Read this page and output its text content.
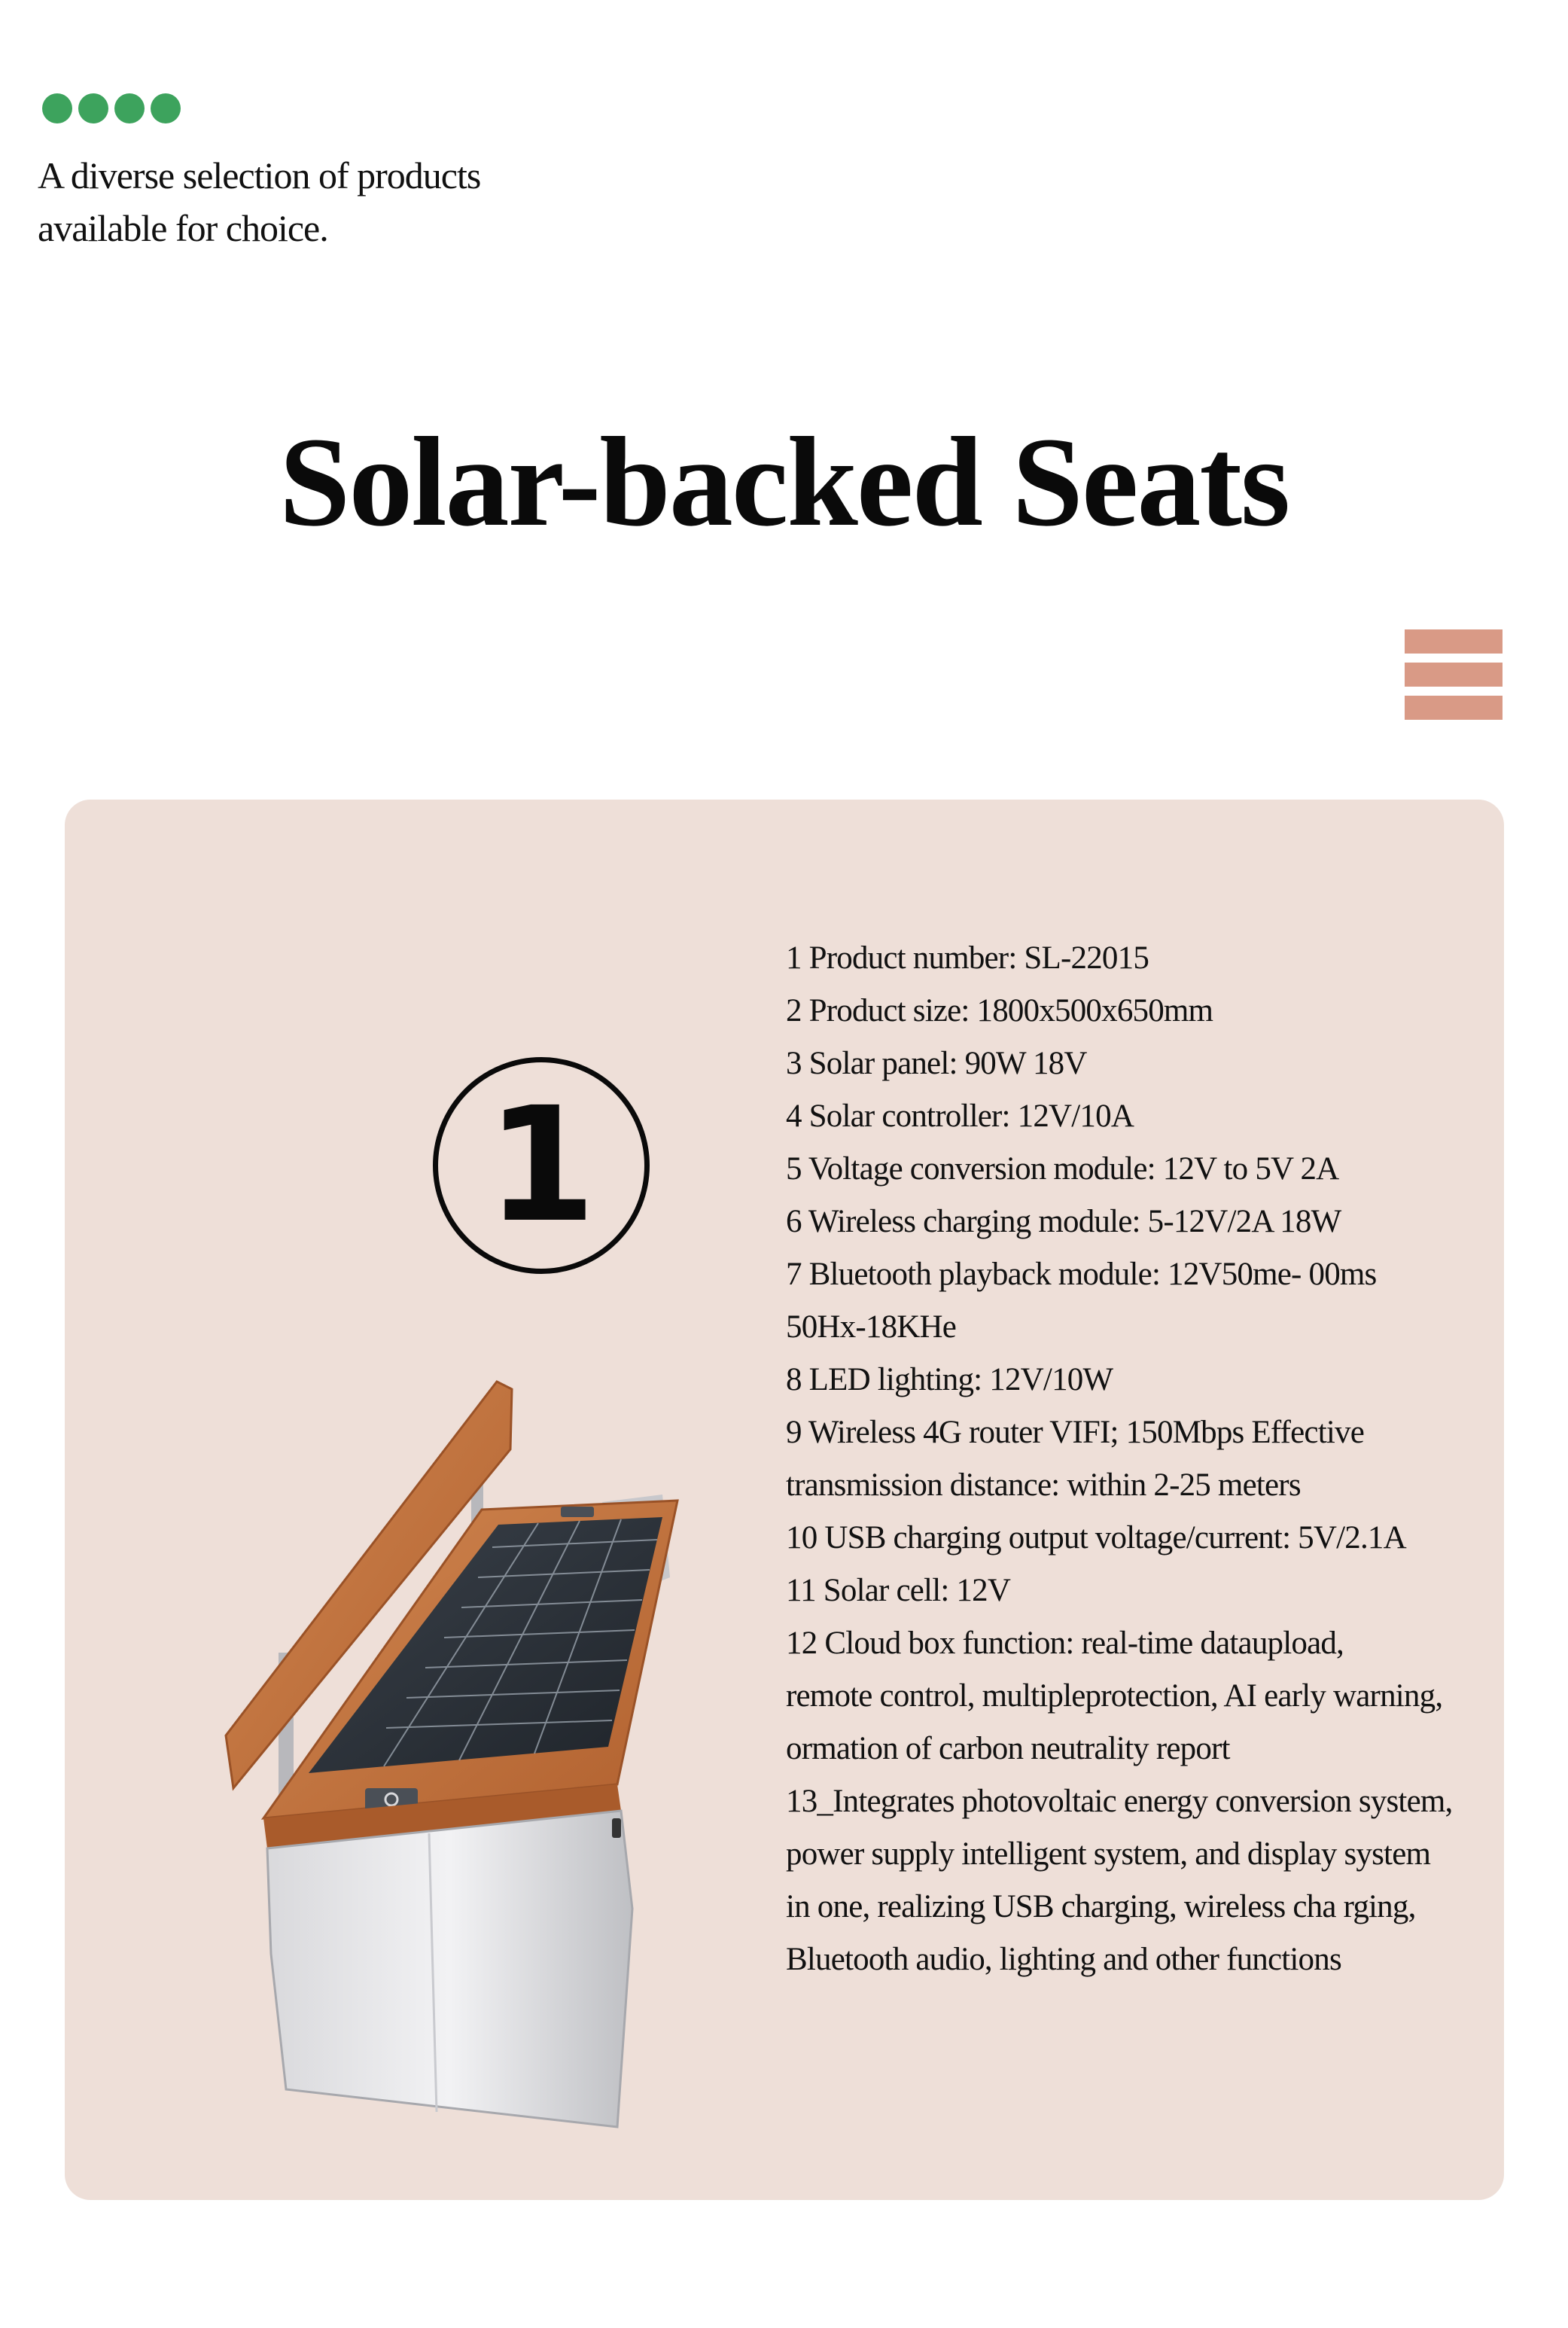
A diverse selection of products
available for choice.
Solar-backed Seats
1
1 Product number: SL-22015
2 Product size: 1800x500x650mm
3 Solar panel: 90W 18V
4 Solar controller: 12V/10A
5 Voltage conversion module: 12V to 5V 2A
6 Wireless charging module: 5-12V/2A 18W
7 Bluetooth playback module: 12V50me- 00ms
50Hx-18KHe
8 LED lighting: 12V/10W
9 Wireless 4G router VIFI; 150Mbps Effective
transmission distance: within 2-25 meters
10 USB charging output voltage/current: 5V/2.1A
11 Solar cell: 12V
12 Cloud box function: real-time dataupload,
remote control, multipleprotection, AI early warning,
ormation of carbon neutrality report
13_Integrates photovoltaic energy conversion system,
power supply intelligent system, and display system
in one, realizing USB charging, wireless cha rging,
Bluetooth audio, lighting and other functions
